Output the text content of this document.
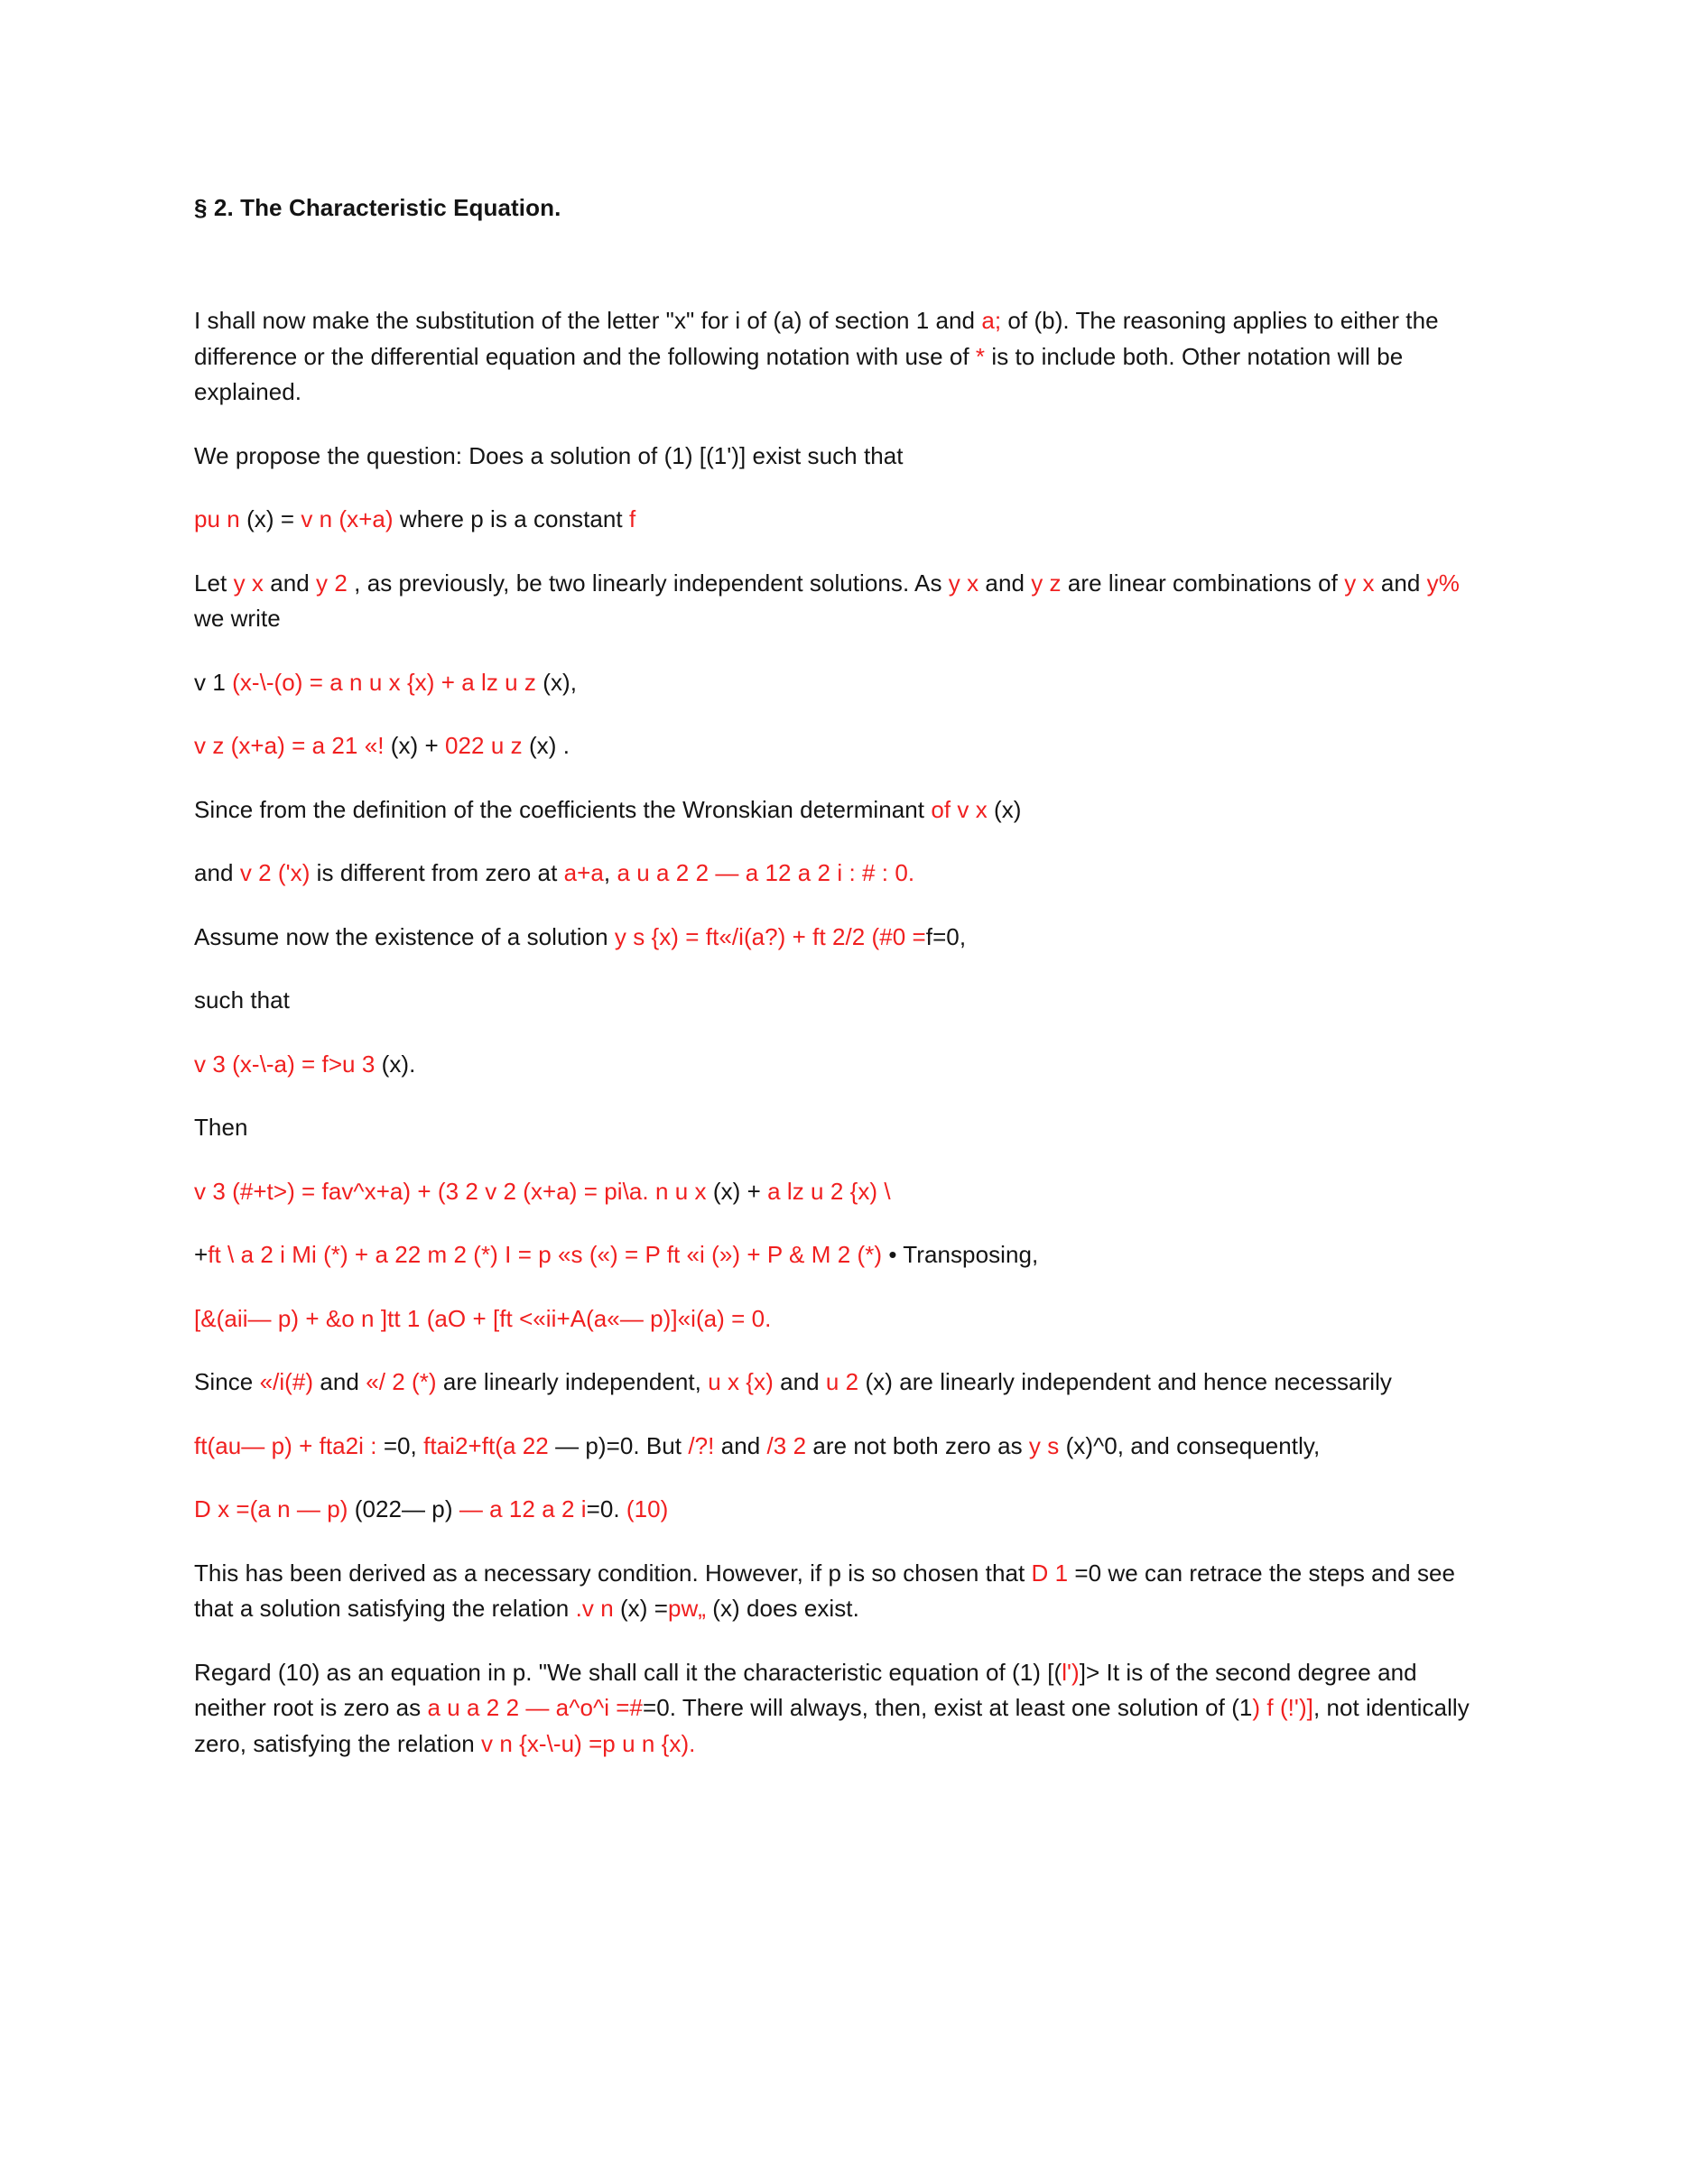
§ 2. The Characteristic Equation.
I shall now make the substitution of the letter "x" for i of (a) of section 1 and a; of (b). The reasoning applies to either the difference or the differential equation and the following notation with use of * is to include both. Other notation will be explained.
We propose the question: Does a solution of (1) [(1')] exist such that
pu n (x) = v n (x+a) where p is a constant f
Let y x and y 2 , as previously, be two linearly independent solutions. As y x and y z are linear combinations of y x and y% we write
v 1 (x-\-(o) = a n u x {x) + a lz u z (x),
v z (x+a) = a 21 «! (x) + 022 u z (x) .
Since from the definition of the coefficients the Wronskian determinant of v x (x)
and v 2 ('x) is different from zero at a+a, a u a 2 2 — a 12 a 2 i : # : 0.
Assume now the existence of a solution y s {x) = ft«/i(a?) + ft 2/2 (#0 =f=0,
such that
v 3 (x-\-a) = f>u 3 (x).
Then
v 3 (#+t>) = fav^x+a) + (3 2 v 2 (x+a) = pi\a. n u x (x) + a lz u 2 {x) \
+ft \ a 2 i Mi (*) + a 22 m 2 (*) I = p «s («) = P ft «i (») + P & M 2 (*) • Transposing,
[&(aii— p) + &o n ]tt 1 (aO + [ft <«ii+A(a«— p)]«i(a) = 0.
Since «/i(#) and «/ 2 (*) are linearly independent, u x {x) and u 2 (x) are linearly independent and hence necessarily
ft(au— p) + fta2i : =0, ftai2+ft(a 22 — p)=0. But /?! and /3 2 are not both zero as y s (x)^0, and consequently,
D x =(a n — p) (022— p) — a 12 a 2 i=0. (10)
This has been derived as a necessary condition. However, if p is so chosen that D 1 =0 we can retrace the steps and see that a solution satisfying the relation .v n (x) =pw„ (x) does exist.
Regard (10) as an equation in p. "We shall call it the characteristic equation of (1) [(l')]> It is of the second degree and neither root is zero as a u a 2 2 — a^o^i =#=0. There will always, then, exist at least one solution of (1) f (!')], not identically zero, satisfying the relation v n {x-\-u) =p u n {x).
